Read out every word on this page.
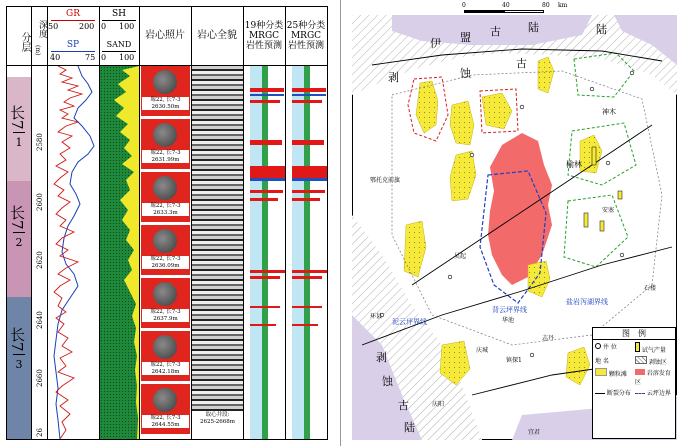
长7
1
长7
2
长7
3
分层
深度
(m)
GR
50	200
SP
40	75
SH
0 100
SAND
0 100
岩心照片	岩心全貌
19种分类
MRGC
岩性预测
25种分类
MRGC
岩性预测
2580
2600
2620
2640
2660
26
取心井段:
2625-2668m
塬22, 长7-3
2630.50m
塬22, 长7-3
2631.99m
塬22, 长7-3
2633.3m
塬22, 长7-3
2636.09m
塬22, 长7-3
2637.9m
塬22, 长7-3
2642.18m
塬22, 长7-3
2644.55m
0	40	80 km
伊 盟 古 陆	陆
剥	蚀
古
剥
蚀
古
陆
鄂托克前旗
环县
庆阳
宜君
镇探1
石楼
吴起
安塞
榆林
神木
庆城
华池
志丹
泥云坪界线
背云坪界线
盐岩泻湖界线
图　例
井 位	试气产量
地 名	剥蚀区
颗粒滩	岩溶发育区
断裂分布	云坪边界
